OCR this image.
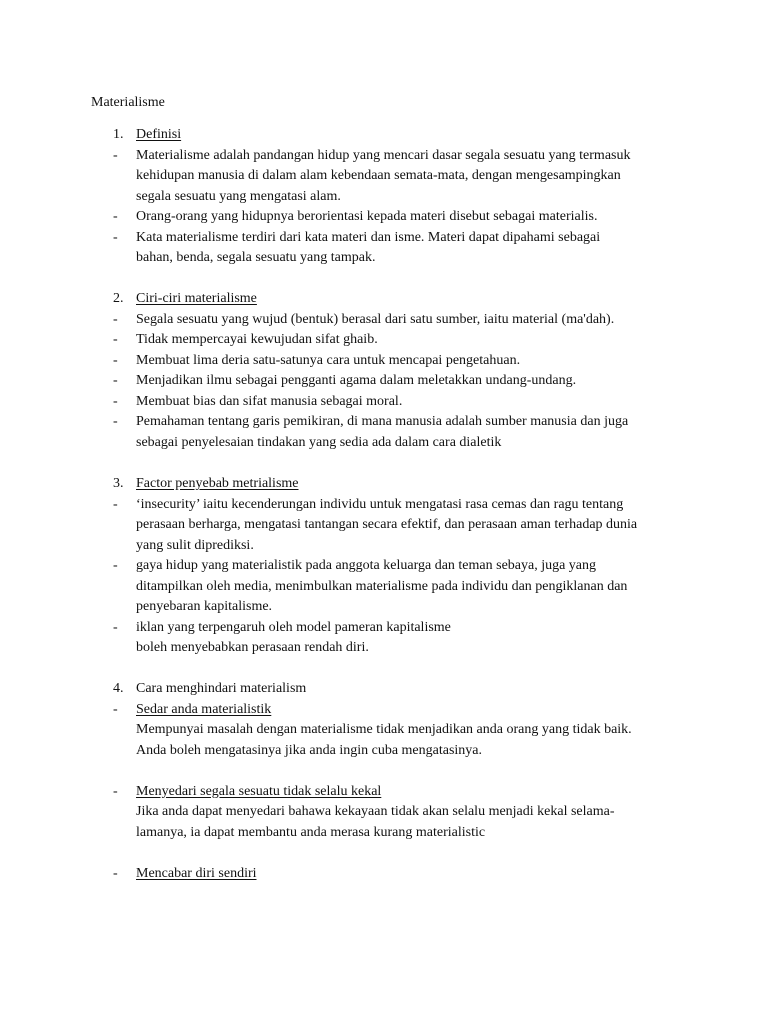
Materialisme
1. Definisi
- Materialisme adalah pandangan hidup yang mencari dasar segala sesuatu yang termasuk
kehidupan manusia di dalam alam kebendaan semata-mata, dengan mengesampingkan
segala sesuatu yang mengatasi alam.
- Orang-orang yang hidupnya berorientasi kepada materi disebut sebagai materialis.
- Kata materialisme terdiri dari kata materi dan isme. Materi dapat dipahami sebagai
bahan, benda, segala sesuatu yang tampak.
2. Ciri-ciri materialisme
- Segala sesuatu yang wujud (bentuk) berasal dari satu sumber, iaitu material (ma'dah).
- Tidak mempercayai kewujudan sifat ghaib.
- Membuat lima deria satu-satunya cara untuk mencapai pengetahuan.
- Menjadikan ilmu sebagai pengganti agama dalam meletakkan undang-undang.
- Membuat bias dan sifat manusia sebagai moral.
- Pemahaman tentang garis pemikiran, di mana manusia adalah sumber manusia dan juga
sebagai penyelesaian tindakan yang sedia ada dalam cara dialetik
3. Factor penyebab metrialisme
- ‘insecurity’ iaitu kecenderungan individu untuk mengatasi rasa cemas dan ragu tentang
perasaan berharga, mengatasi tantangan secara efektif, dan perasaan aman terhadap dunia
yang sulit diprediksi.
- gaya hidup yang materialistik pada anggota keluarga dan teman sebaya, juga yang
ditampilkan oleh media, menimbulkan materialisme pada individu dan pengiklanan dan
penyebaran kapitalisme.
- iklan yang terpengaruh oleh model pameran kapitalisme
boleh menyebabkan perasaan rendah diri.
4. Cara menghindari materialism
- Sedar anda materialistik
Mempunyai masalah dengan materialisme tidak menjadikan anda orang yang tidak baik.
Anda boleh mengatasinya jika anda ingin cuba mengatasinya.
- Menyedari segala sesuatu tidak selalu kekal
Jika anda dapat menyedari bahawa kekayaan tidak akan selalu menjadi kekal selama-
lamanya, ia dapat membantu anda merasa kurang materialistic
- Mencabar diri sendiri
